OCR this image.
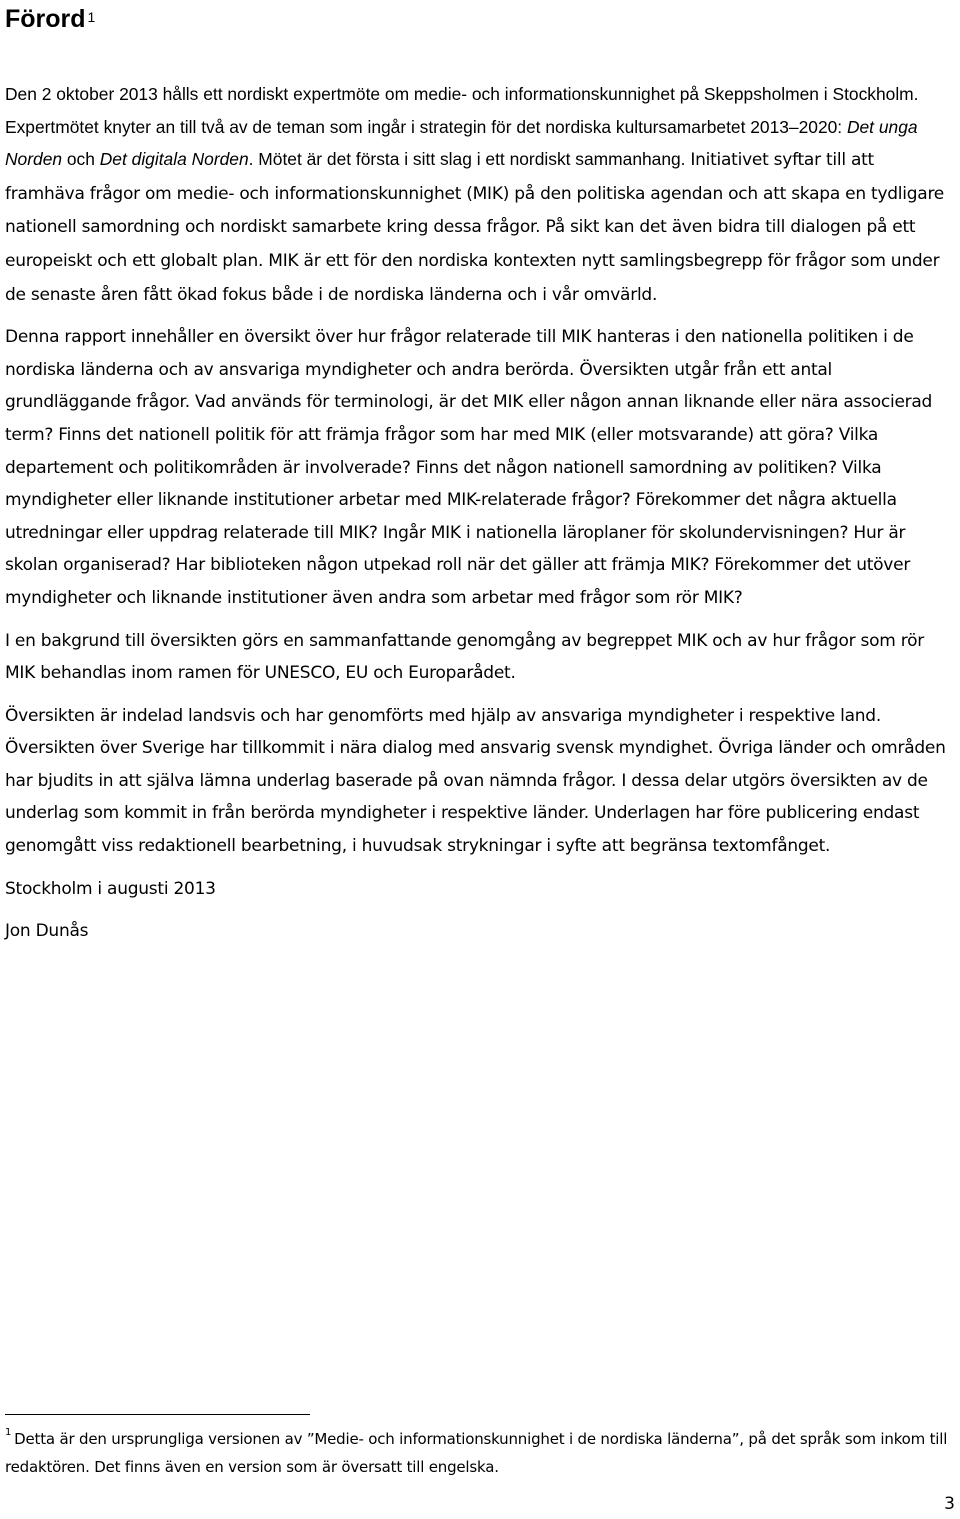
Förord $^1$

Den 2 oktober 2013 hålls ett nordiskt expertmöte om medie- och informationskunnighet på Skeppsholmen i Stockholm. Expertmötet knyter an till två av de teman som ingår i strategin för det nordiska kultursamarbetet 2013–2020: Det unga Norden och Det digitala Norden. Mötet är det första i sitt slag i ett nordiskt sammanhang. Initiativet syftar till att framhäva frågor om medie- och informationskunnighet (MIK) på den politiska agendan och att skapa en tydligare nationell samordning och nordiskt samarbete kring dessa frågor. På sikt kan det även bidra till dialogen på ett europeiskt och ett globalt plan. MIK är ett för den nordiska kontexten nytt samlingsbegrepp för frågor som under de senaste åren fått ökad fokus både i de nordiska länderna och i vår omvärld.

Denna rapport innehåller en översikt över hur frågor relaterade till MIK hanteras i den nationella politiken i de nordiska länderna och av ansvariga myndigheter och andra berörda. Översikten utgår från ett antal grundläggande frågor. Vad används för terminologi, är det MIK eller någon annan liknande eller nära associerad term? Finns det nationell politik för att främja frågor som har med MIK (eller motsvarande) att göra? Vilka departement och politikområden är involverade? Finns det någon nationell samordning av politiken? Vilka myndigheter eller liknande institutioner arbetar med MIK-relaterade frågor? Förekommer det några aktuella utredningar eller uppdrag relaterade till MIK? Ingår MIK i nationella läroplaner för skolundervisningen? Hur är skolan organiserad? Har biblioteken någon utpekad roll när det gäller att främja MIK? Förekommer det utöver myndigheter och liknande institutioner även andra som arbetar med frågor som rör MIK?

I en bakgrund till översikten görs en sammanfattande genomgång av begreppet MIK och av hur frågor som rör MIK behandlas inom ramen för UNESCO, EU och Europarådet.

Översikten är indelad landsvis och har genomförts med hjälp av ansvariga myndigheter i respektive land. Översikten över Sverige har tillkommit i nära dialog med ansvarig svensk myndighet. Övriga länder och områden har bjudits in att själva lämna underlag baserade på ovan nämnda frågor. I dessa delar utgörs översikten av de underlag som kommit in från berörda myndigheter i respektive länder. Underlagen har före publicering endast genomgått viss redaktionell bearbetning, i huvudsak strykningar i syfte att begränsa textomfånget.

Stockholm i augusti 2013

Jon Dunås

$^1$ Detta är den ursprungliga versionen av ”Medie- och informationskunnighet i de nordiska länderna”, på det språk som inkom till redaktören. Det finns även en version som är översatt till engelska.

3
